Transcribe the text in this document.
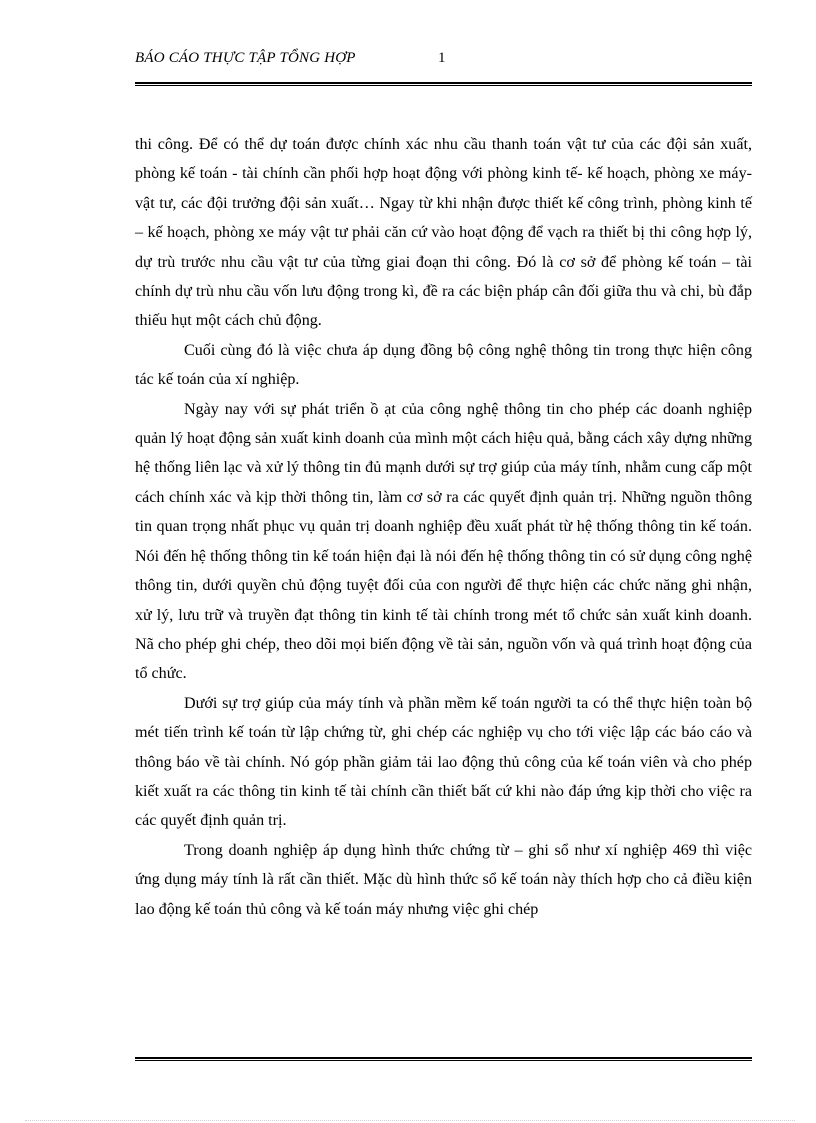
BÁO CÁO THỰC TẬP TỔNG HỢP	1

thi công. Để có thể dự toán được chính xác nhu cầu thanh toán vật tư của các đội sản xuất, phòng kế toán - tài chính cần phối hợp hoạt động với phòng kinh tế- kế hoạch, phòng xe máy- vật tư, các đội trưởng đội sản xuất… Ngay từ khi nhận được thiết kế công trình, phòng kinh tế – kế hoạch, phòng xe máy vật tư phải căn cứ vào hoạt động để vạch ra thiết bị thi công hợp lý, dự trù trước nhu cầu vật tư của từng giai đoạn thi công. Đó là cơ sở để phòng kế toán – tài chính dự trù nhu cầu vốn lưu động trong kì, đề ra các biện pháp cân đối giữa thu và chi, bù đắp thiếu hụt một cách chủ động.

Cuối cùng đó là việc chưa áp dụng đồng bộ công nghệ thông tin trong thực hiện công tác kế toán của xí nghiệp.

Ngày nay với sự phát triển ồ ạt của công nghệ thông tin cho phép các doanh nghiệp quản lý hoạt động sản xuất kinh doanh của mình một cách hiệu quả, bằng cách xây dựng những hệ thống liên lạc và xử lý thông tin đủ mạnh dưới sự trợ giúp của máy tính, nhằm cung cấp một cách chính xác và kịp thời thông tin, làm cơ sở ra các quyết định quản trị. Những nguồn thông tin quan trọng nhất phục vụ quản trị doanh nghiệp đều xuất phát từ hệ thống thông tin kế toán. Nói đến hệ thống thông tin kế toán hiện đại là nói đến hệ thống thông tin có sử dụng công nghệ thông tin, dưới quyền chủ động tuyệt đối của con người để thực hiện các chức năng ghi nhận, xử lý, lưu trữ và truyền đạt thông tin kinh tế tài chính trong mét tổ chức sản xuất kinh doanh. Nã cho phép ghi chép, theo dõi mọi biến động về tài sản, nguồn vốn và quá trình hoạt động của tổ chức.

Dưới sự trợ giúp của máy tính và phần mềm kế toán người ta có thể thực hiện toàn bộ mét tiến trình kế toán từ lập chứng từ, ghi chép các nghiệp vụ cho tới việc lập các báo cáo và thông báo về tài chính. Nó góp phần giảm tải lao động thủ công của kế toán viên và cho phép kiết xuất ra các thông tin kinh tế tài chính cần thiết bất cứ khi nào đáp ứng kịp thời cho việc ra các quyết định quản trị.

Trong doanh nghiệp áp dụng hình thức chứng từ – ghi sổ như xí nghiệp 469 thì việc ứng dụng máy tính là rất cần thiết. Mặc dù hình thức sổ kế toán này thích hợp cho cả điều kiện lao động kế toán thủ công và kế toán máy nhưng việc ghi chép
